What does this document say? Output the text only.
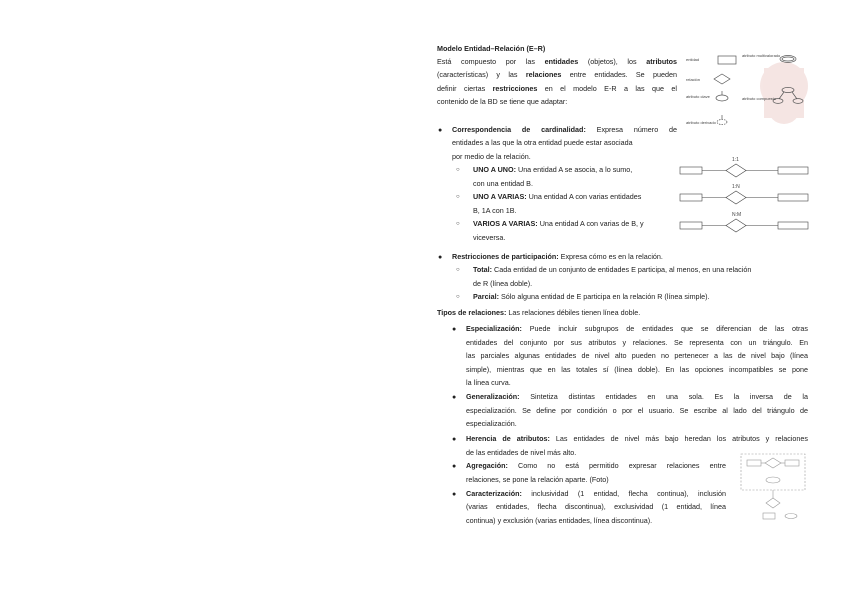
Modelo Entidad–Relación (E–R)
Está compuesto por las entidades (objetos), los atributos
(características) y las relaciones entre entidades. Se pueden
definir ciertas restricciones en el modelo E-R a las que el
contenido de la BD se tiene que adaptar:
● Correspondencia de cardinalidad: Expresa número de
entidades a las que la otra entidad puede estar asociada
por medio de la relación.
○ UNO A UNO: Una entidad A se asocia, a lo sumo,
con una entidad B.
○ UNO A VARIAS: Una entidad A con varias entidades
B, 1A con 1B.
○ VARIOS A VARIAS: Una entidad A con varias de B, y
viceversa.
● Restricciones de participación: Expresa cómo es en la relación.
○ Total: Cada entidad de un conjunto de entidades E participa, al menos, en una relación
de R (línea doble).
○ Parcial: Sólo alguna entidad de E participa en la relación R (línea simple).
Tipos de relaciones: Las relaciones débiles tienen línea doble.
● Especialización: Puede incluir subgrupos de entidades que se diferencian de las otras
entidades del conjunto por sus atributos y relaciones. Se representa con un triángulo. En
las parciales algunas entidades de nivel alto pueden no pertenecer a las de nivel bajo (línea
simple), mientras que en las totales sí (línea doble). En las opciones incompatibles se pone
la línea curva.
● Generalización: Sintetiza distintas entidades en una sola. Es la inversa de la
especialización. Se define por condición o por el usuario. Se escribe al lado del triángulo de
especialización.
● Herencia de atributos: Las entidades de nivel más bajo heredan los atributos y relaciones
de las entidades de nivel más alto.
● Agregación: Como no está permitido expresar relaciones entre
relaciones, se pone la relación aparte. (Foto)
● Caracterización: inclusividad (1 entidad, flecha continua), inclusión
(varias entidades, flecha discontinua), exclusividad (1 entidad, línea
continua) y exclusión (varias entidades, línea discontinua).
entidad
atributo multivalorado
relación
atributo clave	atributo compuesto
atributo derivado
1:1
1:N
N:M
